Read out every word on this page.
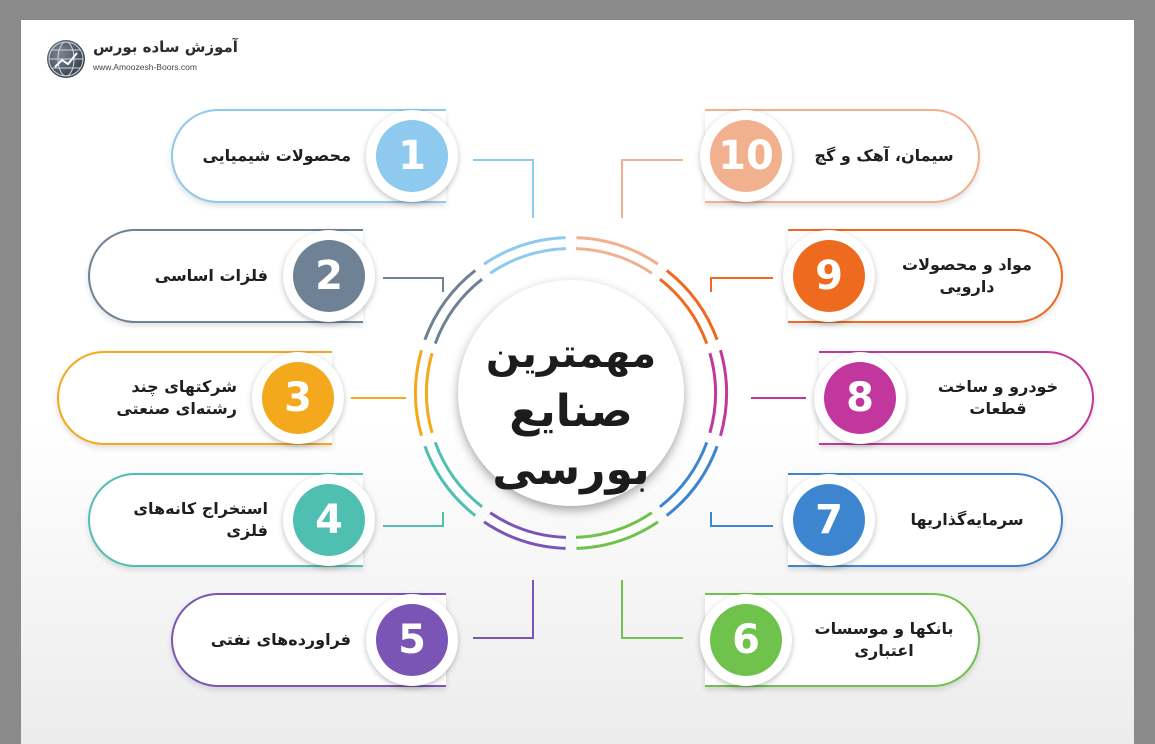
آموزش ساده بورس
www.Amoozesh-Boors.com
مهمترین
صنایع بورسی
محصولات شیمیایی	1
فلزات اساسی	2
شرکتهای چند رشته‌ای صنعتی	3
استخراج کانه‌های فلزی	4
فراورده‌های نفتی	5
سیمان، آهک و گچ
10
مواد و محصولات دارویی
9
خودرو و ساخت قطعات
8
سرمایه‌گذاریها
7
بانکها و موسسات اعتباری
6
